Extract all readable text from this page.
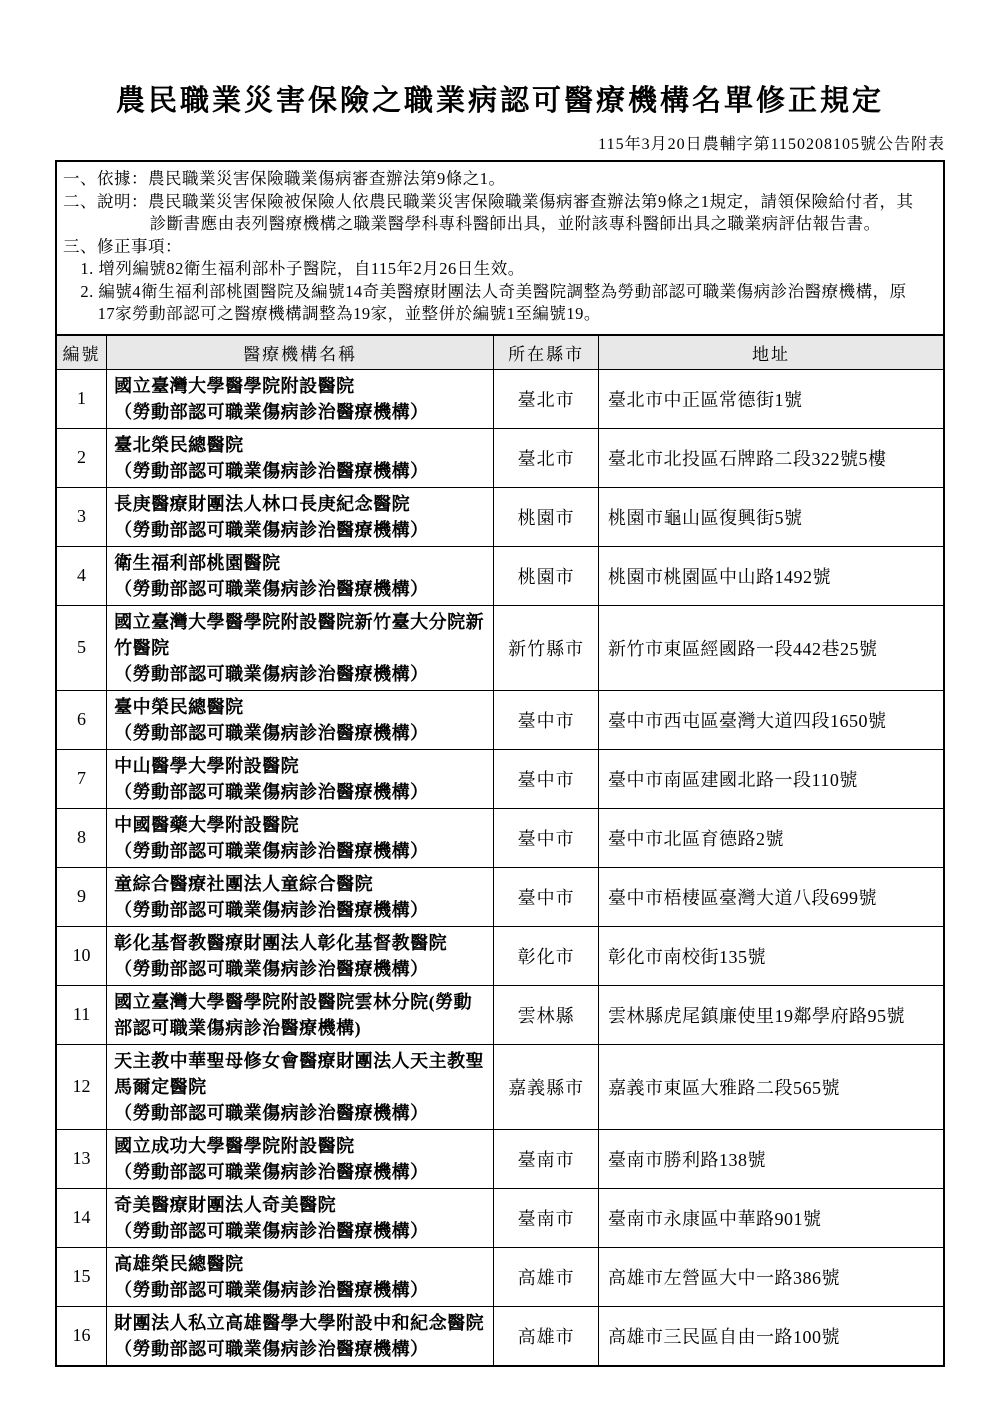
農民職業災害保險之職業病認可醫療機構名單修正規定
115年3月20日農輔字第1150208105號公告附表
一、依據：農民職業災害保險職業傷病審查辦法第9條之1。
二、說明：農民職業災害保險被保險人依農民職業災害保險職業傷病審查辦法第9條之1規定，請領保險給付者，其
診斷書應由表列醫療機構之職業醫學科專科醫師出具，並附該專科醫師出具之職業病評估報告書。
三、修正事項：
1. 增列編號82衛生福利部朴子醫院，自115年2月26日生效。
2. 編號4衛生福利部桃園醫院及編號14奇美醫療財團法人奇美醫院調整為勞動部認可職業傷病診治醫療機構，原
17家勞動部認可之醫療機構調整為19家，並整併於編號1至編號19。
編號	醫療機構名稱	所在縣市	地址
1	國立臺灣大學醫學院附設醫院
（勞動部認可職業傷病診治醫療機構）	臺北市	臺北市中正區常德街1號
2	臺北榮民總醫院
（勞動部認可職業傷病診治醫療機構）	臺北市	臺北市北投區石牌路二段322號5樓
3	長庚醫療財團法人林口長庚紀念醫院
（勞動部認可職業傷病診治醫療機構）	桃園市	桃園市龜山區復興街5號
4	衛生福利部桃園醫院
（勞動部認可職業傷病診治醫療機構）	桃園市	桃園市桃園區中山路1492號
5	國立臺灣大學醫學院附設醫院新竹臺大分院新竹醫院
（勞動部認可職業傷病診治醫療機構）	新竹縣市	新竹市東區經國路一段442巷25號
6	臺中榮民總醫院
（勞動部認可職業傷病診治醫療機構）	臺中市	臺中市西屯區臺灣大道四段1650號
7	中山醫學大學附設醫院
（勞動部認可職業傷病診治醫療機構）	臺中市	臺中市南區建國北路一段110號
8	中國醫藥大學附設醫院
（勞動部認可職業傷病診治醫療機構）	臺中市	臺中市北區育德路2號
9	童綜合醫療社團法人童綜合醫院
（勞動部認可職業傷病診治醫療機構）	臺中市	臺中市梧棲區臺灣大道八段699號
10	彰化基督教醫療財團法人彰化基督教醫院
（勞動部認可職業傷病診治醫療機構）	彰化市	彰化市南校街135號
11	國立臺灣大學醫學院附設醫院雲林分院(勞動部認可職業傷病診治醫療機構)	雲林縣	雲林縣虎尾鎮廉使里19鄰學府路95號
12	天主教中華聖母修女會醫療財團法人天主教聖馬爾定醫院
（勞動部認可職業傷病診治醫療機構）	嘉義縣市	嘉義市東區大雅路二段565號
13	國立成功大學醫學院附設醫院
（勞動部認可職業傷病診治醫療機構）	臺南市	臺南市勝利路138號
14	奇美醫療財團法人奇美醫院
（勞動部認可職業傷病診治醫療機構）	臺南市	臺南市永康區中華路901號
15	高雄榮民總醫院
（勞動部認可職業傷病診治醫療機構）	高雄市	高雄市左營區大中一路386號
16	財團法人私立高雄醫學大學附設中和紀念醫院
（勞動部認可職業傷病診治醫療機構）	高雄市	高雄市三民區自由一路100號
